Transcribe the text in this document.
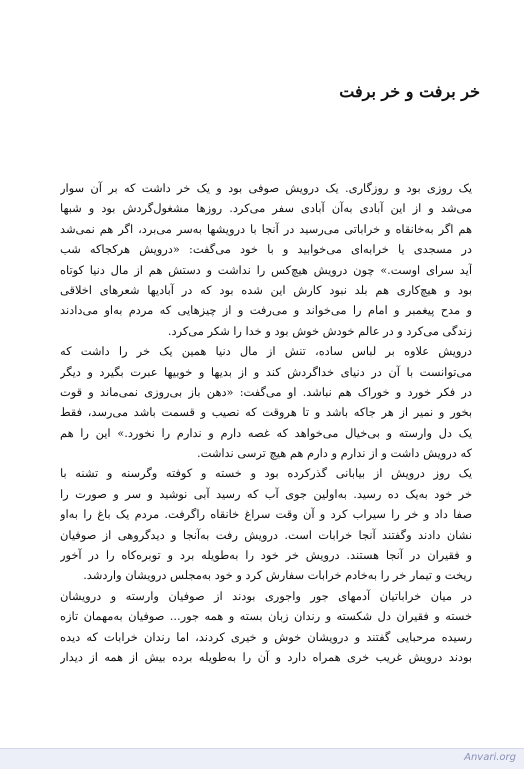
خر برفت و خر برفت
یک روزی بود و روزگاری. یک درویش صوفی بود و یک خر داشت که بر آن سوار
می‌شد و از این آبادی به‌آن آبادی سفر می‌کرد. روزها مشغول‌گردش بود و شبها
هم اگر به‌خانقاه و خراباتی می‌رسید در آنجا با درویشها به‌سر می‌برد، اگر هم نمی‌شد
در مسجدی یا خرابه‌ای می‌خوابید و با خود می‌گفت: «درویش هرکجاکه شب
آید سرای اوست.» چون درویش هیچ‌کس را نداشت و دستش هم از مال دنیا کوتاه
بود و هیچ‌کاری هم بلد نبود کارش این شده بود که در آبادیها شعرهای اخلاقی
و مدح پیغمبر و امام را می‌خواند و می‌رفت و از چیزهایی که مردم به‌او می‌دادند
زندگی می‌کرد و در عالم خودش خوش بود و خدا را شکر می‌کرد.
درویش علاوه بر لباس ساده، تنش از مال دنیا همین یک خر را داشت که
می‌توانست با آن در دنیای خداگردش کند و از بدیها و خوبیها عبرت بگیرد و دیگر
در فکر خورد و خوراک هم نباشد. او می‌گفت: «دهن باز بی‌روزی نمی‌ماند و قوت
بخور و نمیر از هر جاکه باشد و تا هروقت که نصیب و قسمت باشد می‌رسد، فقط
یک دل وارسته و بی‌خیال می‌خواهد که غصه دارم و ندارم را نخورد.» این را هم
که درویش داشت و از ندارم و دارم هم هیچ ترسی نداشت.
یک روز درویش از بیابانی گذرکرده بود و خسته و کوفته وگرسنه و تشنه با
خر خود به‌یک ده رسید. به‌اولین جوی آب که رسید آبی نوشید و سر و صورت را
صفا داد و خر را سیراب کرد و آن وقت سراغ خانقاه راگرفت. مردم یک باغ را به‌او
نشان دادند وگفتند آنجا خرابات است. درویش رفت به‌آنجا و دیدگروهی از صوفیان
و فقیران در آنجا هستند. درویش خر خود را به‌طویله برد و توبره‌کاه را در آخور
ریخت و تیمار خر را به‌خادم خرابات سفارش کرد و خود به‌مجلس درویشان واردشد.
در میان خراباتیان آدمهای جور واجوری بودند از صوفیان وارسته و درویشان
خسته و فقیران دل شکسته و رندان زبان بسته و همه جور... صوفیان به‌مهمان تازه
رسیده مرحبایی گفتند و درویشان خوش و خیری کردند، اما رندان خرابات که دیده
بودند درویش غریب خری همراه دارد و آن را به‌طویله برده بیش از همه از دیدار
Anvari.org
